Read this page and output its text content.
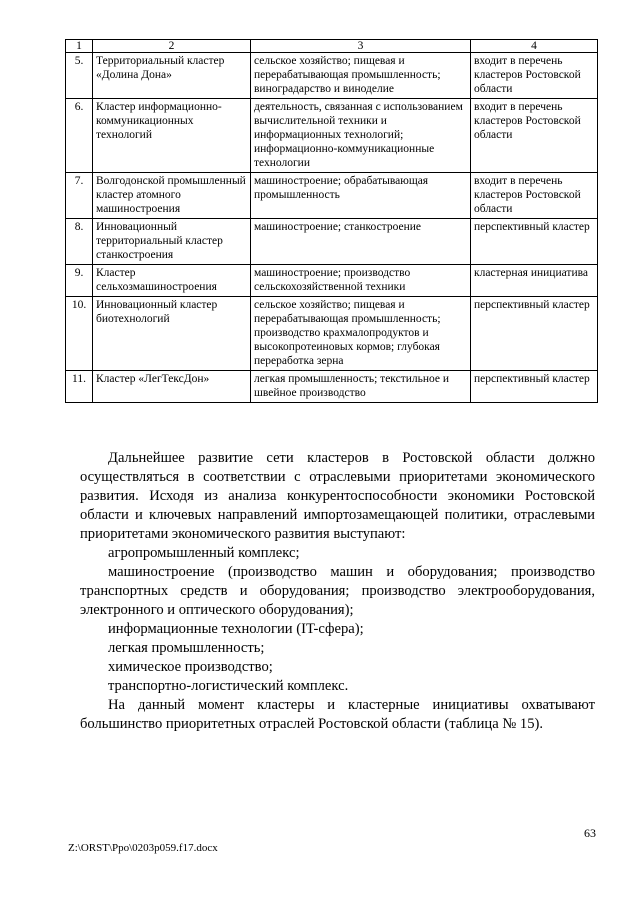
1	2	3	4
5.	Территориальный кластер «Долина Дона»	сельское хозяйство; пищевая и перерабатывающая промышленность; виноградарство и виноделие	входит в перечень кластеров Ростовской области
6.	Кластер информационно-коммуникационных технологий	деятельность, связанная с использованием вычислительной техники и информационных технологий; информационно-коммуникационные технологии	входит в перечень кластеров Ростовской области
7.	Волгодонской промышленный кластер атомного машиностроения	машиностроение; обрабатывающая промышленность	входит в перечень кластеров Ростовской области
8.	Инновационный территориальный кластер станкостроения	машиностроение; станкостроение	перспективный кластер
9.	Кластер сельхозмашиностроения	машиностроение; производство сельскохозяйственной техники	кластерная инициатива
10.	Инновационный кластер биотехнологий	сельское хозяйство; пищевая и перерабатывающая промышленность; производство крахмалопродуктов и высокопротеиновых кормов; глубокая переработка зерна	перспективный кластер
11.	Кластер «ЛегТексДон»	легкая промышленность; текстильное и швейное производство	перспективный кластер

Дальнейшее развитие сети кластеров в Ростовской области должно осуществляться в соответствии с отраслевыми приоритетами экономического развития. Исходя из анализа конкурентоспособности экономики Ростовской области и ключевых направлений импортозамещающей политики, отраслевыми приоритетами экономического развития выступают:

агропромышленный комплекс;

машиностроение (производство машин и оборудования; производство транспортных средств и оборудования; производство электрооборудования, электронного и оптического оборудования);

информационные технологии (IT-сфера);

легкая промышленность;

химическое производство;

транспортно-логистический комплекс.

На данный момент кластеры и кластерные инициативы охватывают большинство приоритетных отраслей Ростовской области (таблица № 15).

63
Z:\ORST\Ppo\0203p059.f17.docx
